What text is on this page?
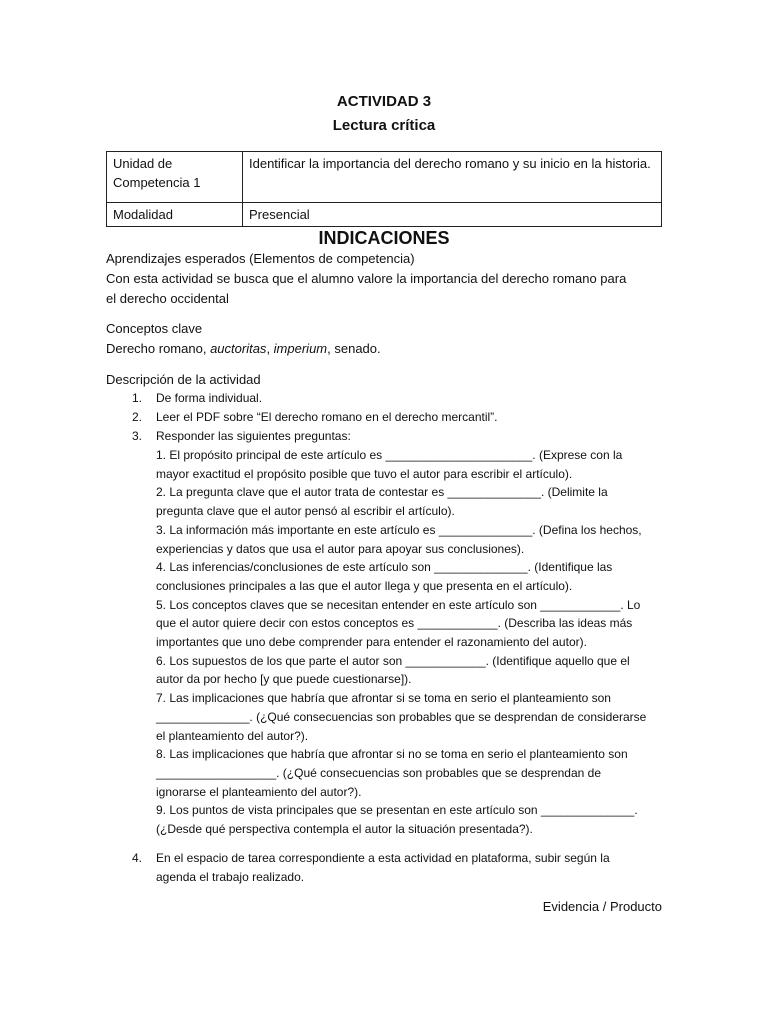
ACTIVIDAD 3
Lectura crítica
Unidad de Competencia 1	Identificar la importancia del derecho romano y su inicio en la historia.
Modalidad	Presencial
INDICACIONES
Aprendizajes esperados (Elementos de competencia)
Con esta actividad se busca que el alumno valore la importancia del derecho romano para
el derecho occidental
Conceptos clave
Derecho romano, auctoritas, imperium, senado.
Descripción de la actividad
1. De forma individual.
2. Leer el PDF sobre “El derecho romano en el derecho mercantil”.
3. Responder las siguientes preguntas:
1. El propósito principal de este artículo es ______________________. (Exprese con la
mayor exactitud el propósito posible que tuvo el autor para escribir el artículo).
2. La pregunta clave que el autor trata de contestar es ______________. (Delimite la
pregunta clave que el autor pensó al escribir el artículo).
3. La información más importante en este artículo es ______________. (Defina los hechos,
experiencias y datos que usa el autor para apoyar sus conclusiones).
4. Las inferencias/conclusiones de este artículo son ______________. (Identifique las
conclusiones principales a las que el autor llega y que presenta en el artículo).
5. Los conceptos claves que se necesitan entender en este artículo son ____________. Lo
que el autor quiere decir con estos conceptos es ____________. (Describa las ideas más
importantes que uno debe comprender para entender el razonamiento del autor).
6. Los supuestos de los que parte el autor son ____________. (Identifique aquello que el
autor da por hecho [y que puede cuestionarse]).
7. Las implicaciones que habría que afrontar si se toma en serio el planteamiento son
______________. (¿Qué consecuencias son probables que se desprendan de considerarse
el planteamiento del autor?).
8. Las implicaciones que habría que afrontar si no se toma en serio el planteamiento son
__________________. (¿Qué consecuencias son probables que se desprendan de
ignorarse el planteamiento del autor?).
9. Los puntos de vista principales que se presentan en este artículo son ______________.
(¿Desde qué perspectiva contempla el autor la situación presentada?).
4. En el espacio de tarea correspondiente a esta actividad en plataforma, subir según la
agenda el trabajo realizado.
Evidencia / Producto
